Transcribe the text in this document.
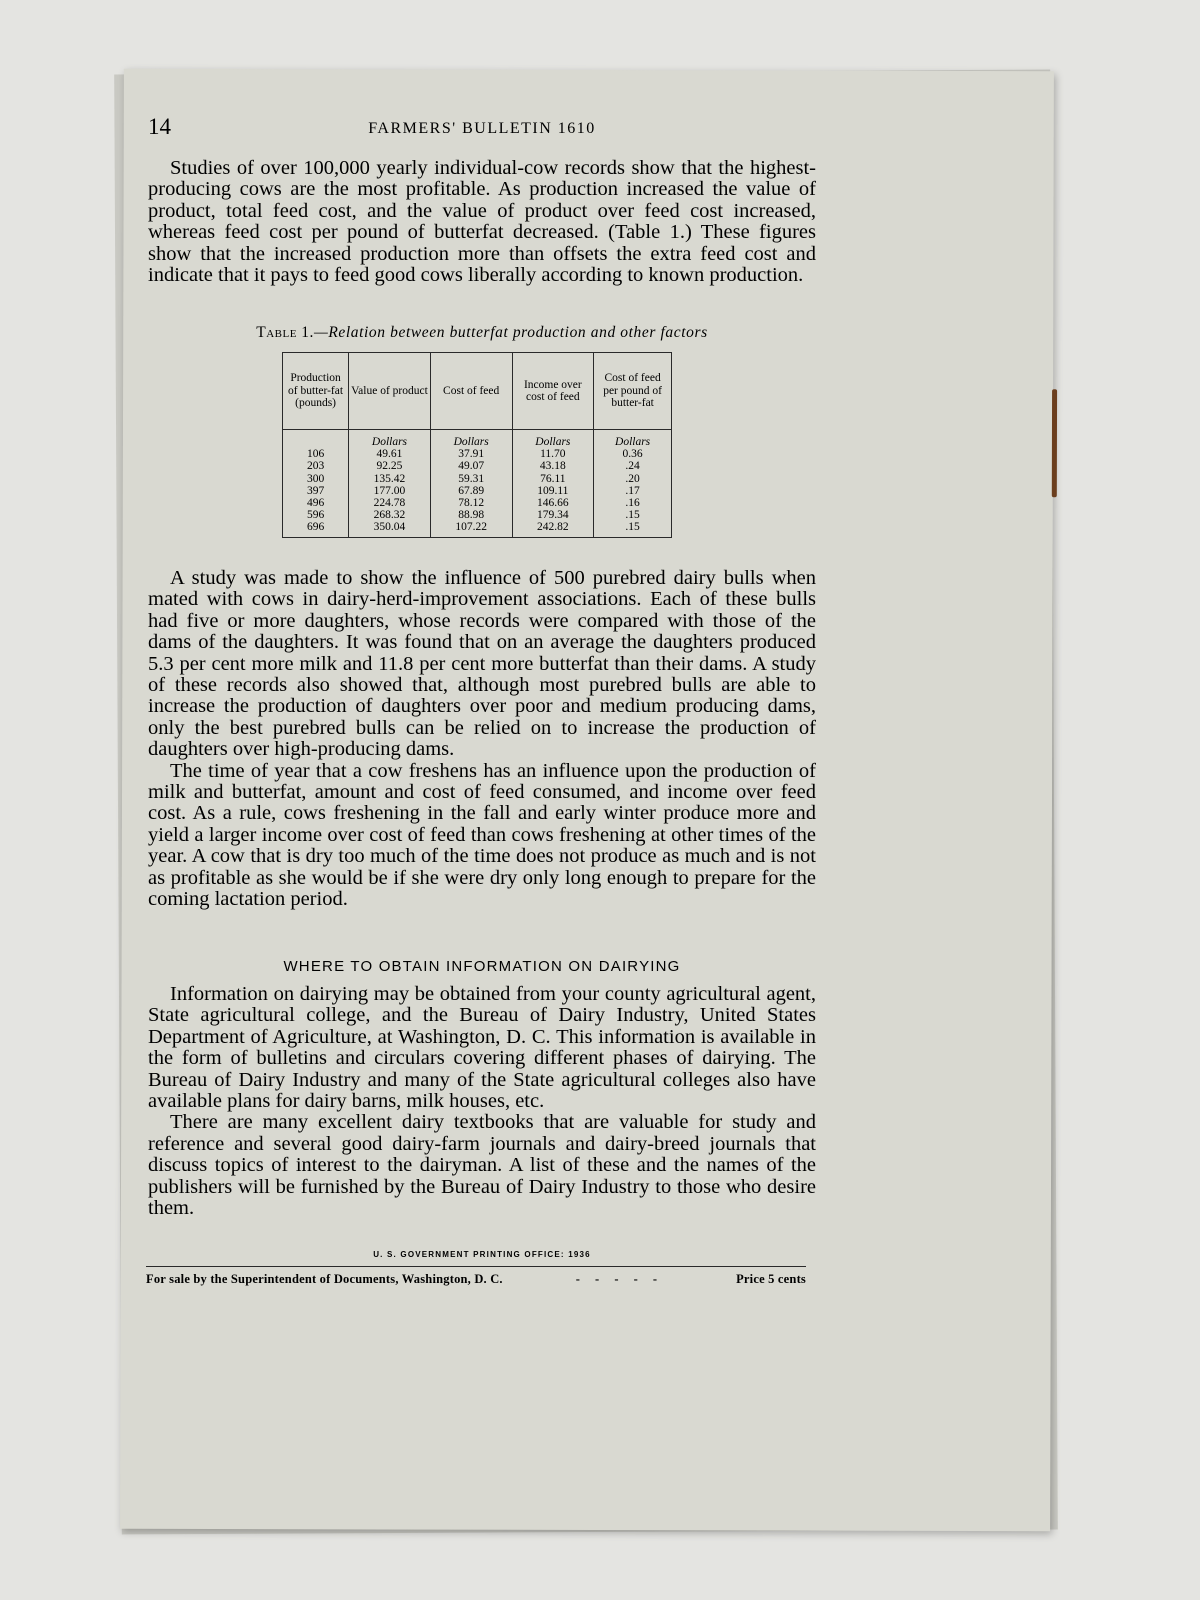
14	FARMERS' BULLETIN 1610

Studies of over 100,000 yearly individual-cow records show that the highest-producing cows are the most profitable. As production increased the value of product, total feed cost, and the value of product over feed cost increased, whereas feed cost per pound of butterfat decreased. (Table 1.) These figures show that the increased production more than offsets the extra feed cost and indicate that it pays to feed good cows liberally according to known production.

Table 1.—Relation between butterfat production and other factors
Production of butter-fat (pounds)	Value of product	Cost of feed	Income over cost of feed	Cost of feed per pound of butter-fat
	Dollars	Dollars	Dollars	Dollars
106	49.61	37.91	11.70	0.36
203	92.25	49.07	43.18	.24
300	135.42	59.31	76.11	.20
397	177.00	67.89	109.11	.17
496	224.78	78.12	146.66	.16
596	268.32	88.98	179.34	.15
696	350.04	107.22	242.82	.15

A study was made to show the influence of 500 purebred dairy bulls when mated with cows in dairy-herd-improvement associations. Each of these bulls had five or more daughters, whose records were compared with those of the dams of the daughters. It was found that on an average the daughters produced 5.3 per cent more milk and 11.8 per cent more butterfat than their dams. A study of these records also showed that, although most purebred bulls are able to increase the production of daughters over poor and medium producing dams, only the best purebred bulls can be relied on to increase the production of daughters over high-producing dams.

The time of year that a cow freshens has an influence upon the production of milk and butterfat, amount and cost of feed consumed, and income over feed cost. As a rule, cows freshening in the fall and early winter produce more and yield a larger income over cost of feed than cows freshening at other times of the year. A cow that is dry too much of the time does not produce as much and is not as profitable as she would be if she were dry only long enough to prepare for the coming lactation period.

WHERE TO OBTAIN INFORMATION ON DAIRYING

Information on dairying may be obtained from your county agricultural agent, State agricultural college, and the Bureau of Dairy Industry, United States Department of Agriculture, at Washington, D. C. This information is available in the form of bulletins and circulars covering different phases of dairying. The Bureau of Dairy Industry and many of the State agricultural colleges also have available plans for dairy barns, milk houses, etc.

There are many excellent dairy textbooks that are valuable for study and reference and several good dairy-farm journals and dairy-breed journals that discuss topics of interest to the dairyman. A list of these and the names of the publishers will be furnished by the Bureau of Dairy Industry to those who desire them.

U. S. GOVERNMENT PRINTING OFFICE: 1936
For sale by the Superintendent of Documents, Washington, D. C.	- - - - -	Price 5 cents
